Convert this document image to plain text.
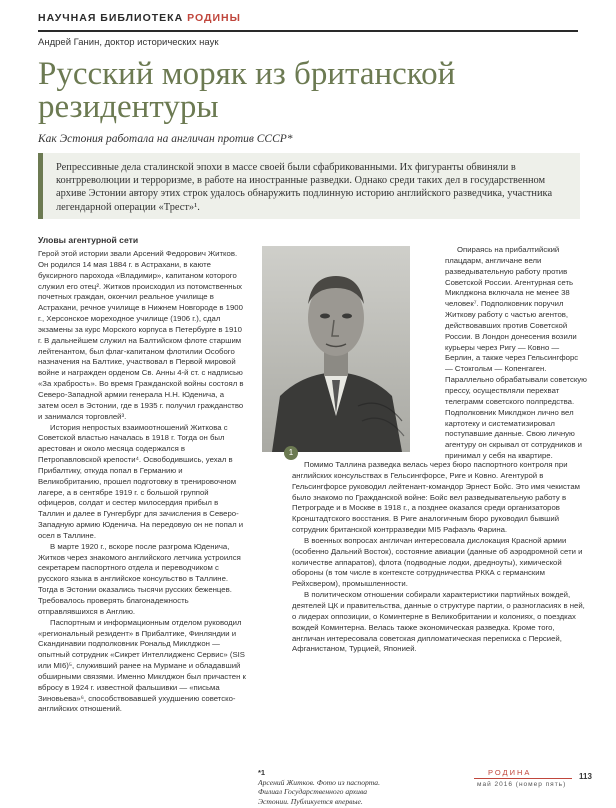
НАУЧНАЯ БИБЛИОТЕКА РОДИНЫ
Андрей Ганин, доктор исторических наук
Русский моряк из британской резидентуры
Как Эстония работала на англичан против СССР*
Репрессивные дела сталинской эпохи в массе своей были сфабрикованными. Их фигуранты обвиняли в контрреволюции и терроризме, в работе на иностранные разведки. Однако среди таких дел в государственном архиве Эстонии автору этих строк удалось обнаружить подлинную историю английского разведчика, участника легендарной операции «Трест»¹.
Уловы агентурной сети

Герой этой истории звали Арсений Федорович Житков. Он родился 14 мая 1884 г. в Астрахани, в каюте буксирного парохода «Владимир», капитаном которого служил его отец². Житков происходил из потомственных почетных граждан, окончил реальное училище в Астрахани, речное училище в Нижнем Новгороде в 1900 г., Херсонское мореходное училище (1906 г.), сдал экзамены за курс Морского корпуса в Петербурге в 1910 г. В дальнейшем служил на Балтийском флоте старшим лейтенантом, был флаг-капитаном флотилии Особого назначения на Балтике, участвовал в Первой мировой войне и награжден орденом Св. Анны 4-й ст. с надписью «За храбрость». Во время Гражданской войны состоял в Северо-Западной армии генерала Н.Н. Юденича, а затем осел в Эстонии, где в 1935 г. получил гражданство и занимался торговлей³.

История непростых взаимоотношений Житкова с Советской властью началась в 1918 г. Тогда он был арестован и около месяца содержался в Петропавловской крепости⁴. Освободившись, уехал в Прибалтику, откуда попал в Германию и Великобританию, прошел подготовку в тренировочном лагере, а в сентябре 1919 г. с большой группой офицеров, солдат и сестер милосердия прибыл в Таллин и далее в Гунгербург для зачисления в Северо-Западную армию Юденича. На передовую он не попал и осел в Таллине.

В марте 1920 г., вскоре после разгрома Юденича, Житков через знакомого английского летчика устроился секретарем паспортного отдела и переводчиком с русского языка в английское консульство в Таллине. Тогда в Эстонии оказались тысячи русских беженцев. Требовалось проверять благонадежность отправлявшихся в Англию.

Паспортным и информационным отделом руководил «региональный резидент» в Прибалтике, Финляндии и Скандинавии подполковник Рональд Миклджон — опытный сотрудник «Сикрет Интеллидженс Сервис» (SIS или MI6)⁵, служивший ранее на Мурмане и обладавший обширными связями. Именно Миклджон был причастен к вбросу в 1924 г. известной фальшивки — «письма Зиновьева»⁶, способствовавшей ухудшению советско-английских отношений.

1

Опираясь на прибалтийский плацдарм, англичане вели разведывательную работу против Советской России. Агентурная сеть Миклджона включала не менее 38 человек⁷. Подполковник поручил Житкову работу с частью агентов, действовавших против Советской России. В Лондон донесения возили курьеры через Ригу — Ковно — Берлин, а также через Гельсингфорс — Стокгольм — Копенгаген. Параллельно обрабатывали советскую прессу, осуществляли перехват телеграмм советского полпредства. Подполковник Миклджон лично вел картотеку и систематизировал поступавшие данные. Свою личную агентуру он скрывал от сотрудников и принимал у себя на квартире.

Помимо Таллина разведка велась через бюро паспортного контроля при английских консульствах в Гельсингфорсе, Риге и Ковно. Агентурой в Гельсингфорсе руководил лейтенант-командор Эрнест Бойс. Это имя чекистам было знакомо по Гражданской войне: Бойс вел разведывательную работу в Петрограде и в Москве в 1918 г., а позднее оказался среди организаторов Кронштадтского восстания. В Риге аналогичным бюро руководил бывший сотрудник британской контрразведки MI5 Рафаэль Фарина.

В военных вопросах англичан интересовала дислокация Красной армии (особенно Дальний Восток), состояние авиации (данные об аэродромной сети и количестве аппаратов), флота (подводные лодки, дредноуты), химической обороны (в том числе в контексте сотрудничества РККА с германским Рейхсвером), промышленности.

В политическом отношении собирали характеристики партийных вождей, деятелей ЦК и правительства, данные о структуре партии, о разногласиях в ней, о лидерах оппозиции, о Коминтерне в Великобритании и колониях, о поездках вождей Коминтерна. Велась также экономическая разведка. Кроме того, англичан интересовала советская дипломатическая переписка с Персией, Афганистаном, Турцией, Японией.

*1
Арсений Житков. Фото из паспорта. Филиал Государственного архива Эстонии. Публикуется впервые.
РОДИНА
май 2016 (номер пять)
113
